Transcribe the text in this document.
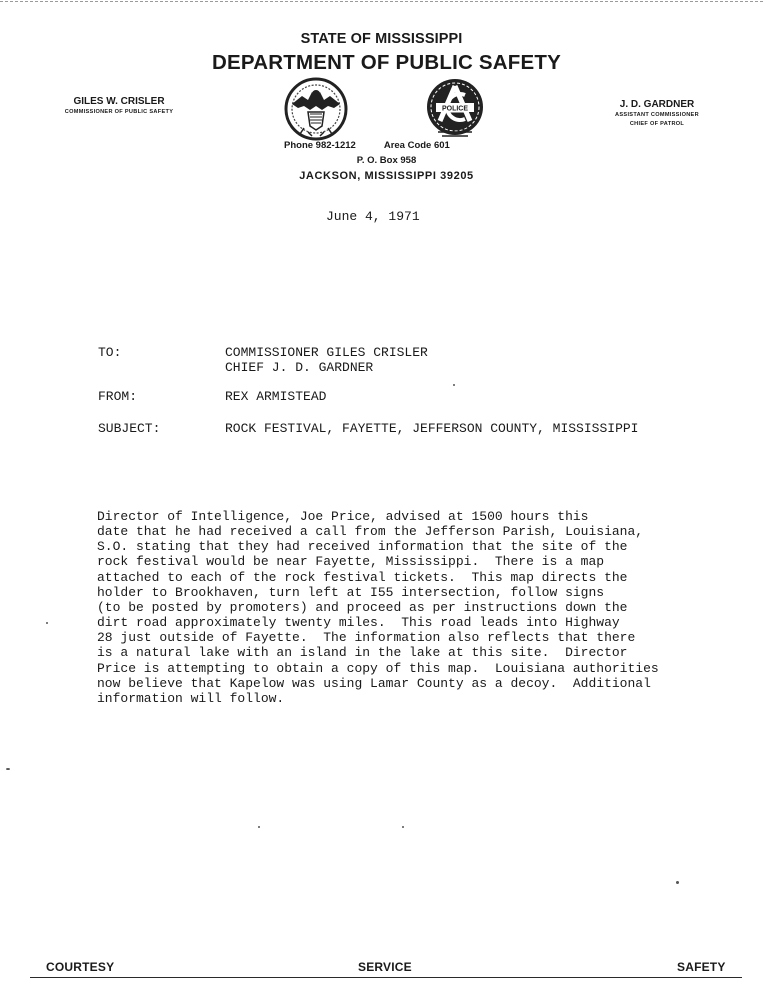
STATE OF MISSISSIPPI
DEPARTMENT OF PUBLIC SAFETY
GILES W. CRISLER
COMMISSIONER OF PUBLIC SAFETY
J. D. GARDNER
ASSISTANT COMMISSIONER
CHIEF OF PATROL
POLICE
Phone 982-1212	Area Code 601
P. O. Box 958
JACKSON, MISSISSIPPI 39205
June 4, 1971
TO:	COMMISSIONER GILES CRISLER
CHIEF J. D. GARDNER
FROM:	REX ARMISTEAD
SUBJECT:	ROCK FESTIVAL, FAYETTE, JEFFERSON COUNTY, MISSISSIPPI
Director of Intelligence, Joe Price, advised at 1500 hours this
date that he had received a call from the Jefferson Parish, Louisiana,
S.O. stating that they had received information that the site of the
rock festival would be near Fayette, Mississippi.  There is a map
attached to each of the rock festival tickets.  This map directs the
holder to Brookhaven, turn left at I55 intersection, follow signs
(to be posted by promoters) and proceed as per instructions down the
dirt road approximately twenty miles.  This road leads into Highway
28 just outside of Fayette.  The information also reflects that there
is a natural lake with an island in the lake at this site.  Director
Price is attempting to obtain a copy of this map.  Louisiana authorities
now believe that Kapelow was using Lamar County as a decoy.  Additional
information will follow.
COURTESY	SERVICE	SAFETY
